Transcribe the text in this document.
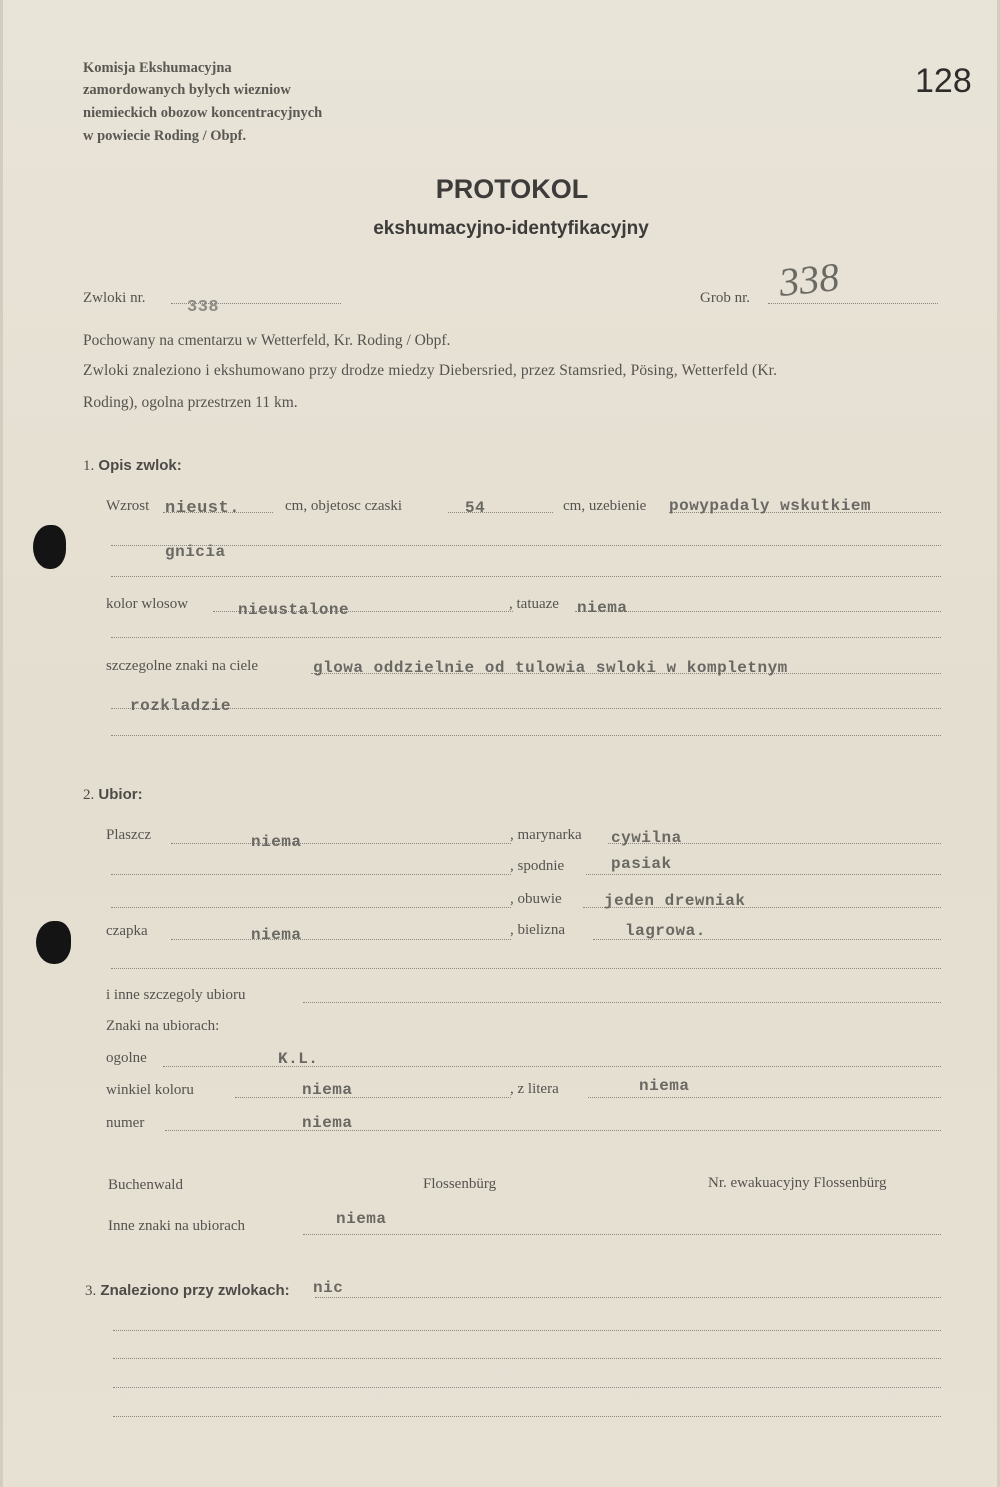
Komisja Ekshumacyjna
zamordowanych bylych wiezniow
niemieckich obozow koncentracyjnych
w powiecie Roding / Obpf.
128
PROTOKOL
ekshumacyjno-identyfikacyjny
Zwloki nr. 338	Grob nr. 338
Pochowany na cmentarzu w Wetterfeld, Kr. Roding / Obpf.
Zwloki znaleziono i ekshumowano przy drodze miedzy Diebersried, przez Stamsried, Pösing, Wetterfeld (Kr.
Roding), ogolna przestrzen 11 km.
1. Opis zwlok:
Wzrost nieust.	cm, objetosc czaski	54	cm, uzebienie powypadaly wskutkiem
gnicia
kolor wlosow	nieustalone	, tatuaze niema
szczegolne znaki na ciele	glowa oddzielnie od tulowia swloki w kompletnym
rozkladzie
2. Ubior:
Plaszcz	niema	, marynarka cywilna
, spodnie	pasiak
, obuwie	jeden drewniak
czapka	niema	, bielizna	lagrowa.
i inne szczegoly ubioru
Znaki na ubiorach:
ogolne	K.L.
winkiel koloru	niema	, z litera	niema
numer	niema
Buchenwald	Flossenbürg	Nr. ewakuacyjny Flossenbürg
Inne znaki na ubiorach	niema
3. Znaleziono przy zwlokach: nic
